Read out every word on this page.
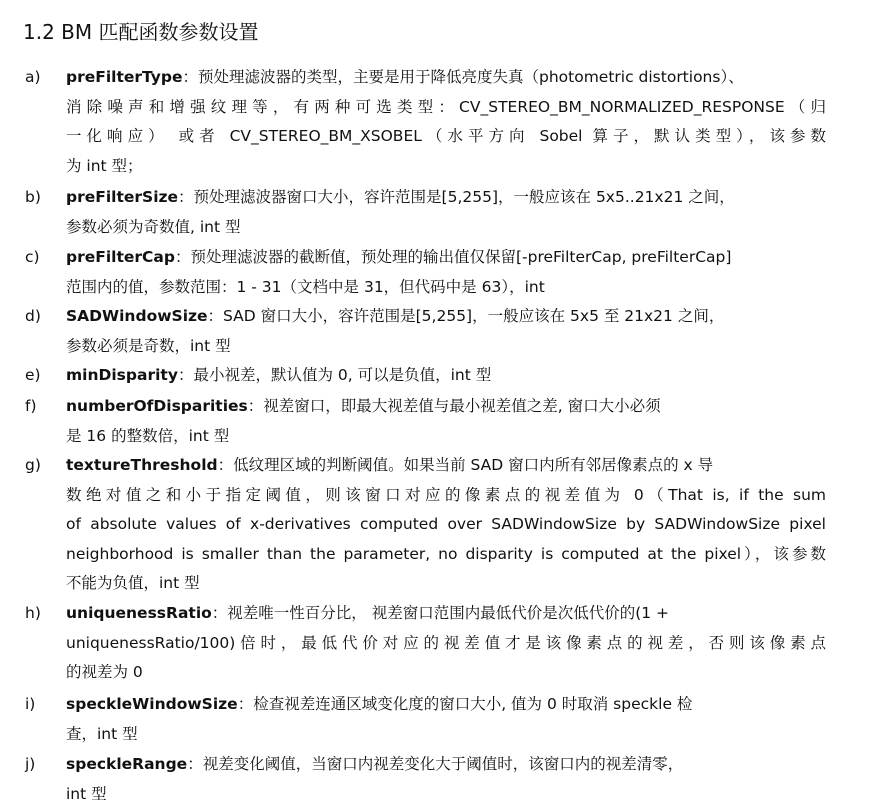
1.2 BM 匹配函数参数设置
a) preFilterType：预处理滤波器的类型，主要是用于降低亮度失真（photometric distortions）、
消除噪声和增强纹理等，有两种可选类型：CV_STEREO_BM_NORMALIZED_RESPONSE（归
一化响应） 或者 CV_STEREO_BM_XSOBEL（水平方向 Sobel 算子，默认类型），该参数
为 int 型；
b) preFilterSize：预处理滤波器窗口大小，容许范围是[5,255]，一般应该在 5x5..21x21 之间，
参数必须为奇数值, int 型
c) preFilterCap：预处理滤波器的截断值，预处理的输出值仅保留[-preFilterCap, preFilterCap]
范围内的值，参数范围：1 - 31（文档中是 31，但代码中是 63），int
d) SADWindowSize：SAD 窗口大小，容许范围是[5,255]，一般应该在 5x5 至 21x21 之间，
参数必须是奇数，int 型
e) minDisparity：最小视差，默认值为 0, 可以是负值，int 型
f) numberOfDisparities：视差窗口，即最大视差值与最小视差值之差, 窗口大小必须
是 16 的整数倍，int 型
g) textureThreshold：低纹理区域的判断阈值。如果当前 SAD 窗口内所有邻居像素点的 x 导
数绝对值之和小于指定阈值，则该窗口对应的像素点的视差值为 0（That is, if the sum
of absolute values of x-derivatives computed over SADWindowSize by SADWindowSize pixel
neighborhood is smaller than the parameter, no disparity is computed at the pixel），该参数
不能为负值，int 型
h) uniquenessRatio：视差唯一性百分比， 视差窗口范围内最低代价是次低代价的(1 +
uniquenessRatio/100)倍时，最低代价对应的视差值才是该像素点的视差，否则该像素点
的视差为 0
i) speckleWindowSize：检查视差连通区域变化度的窗口大小, 值为 0 时取消 speckle 检
查，int 型
j) speckleRange：视差变化阈值，当窗口内视差变化大于阈值时，该窗口内的视差清零，
int 型
